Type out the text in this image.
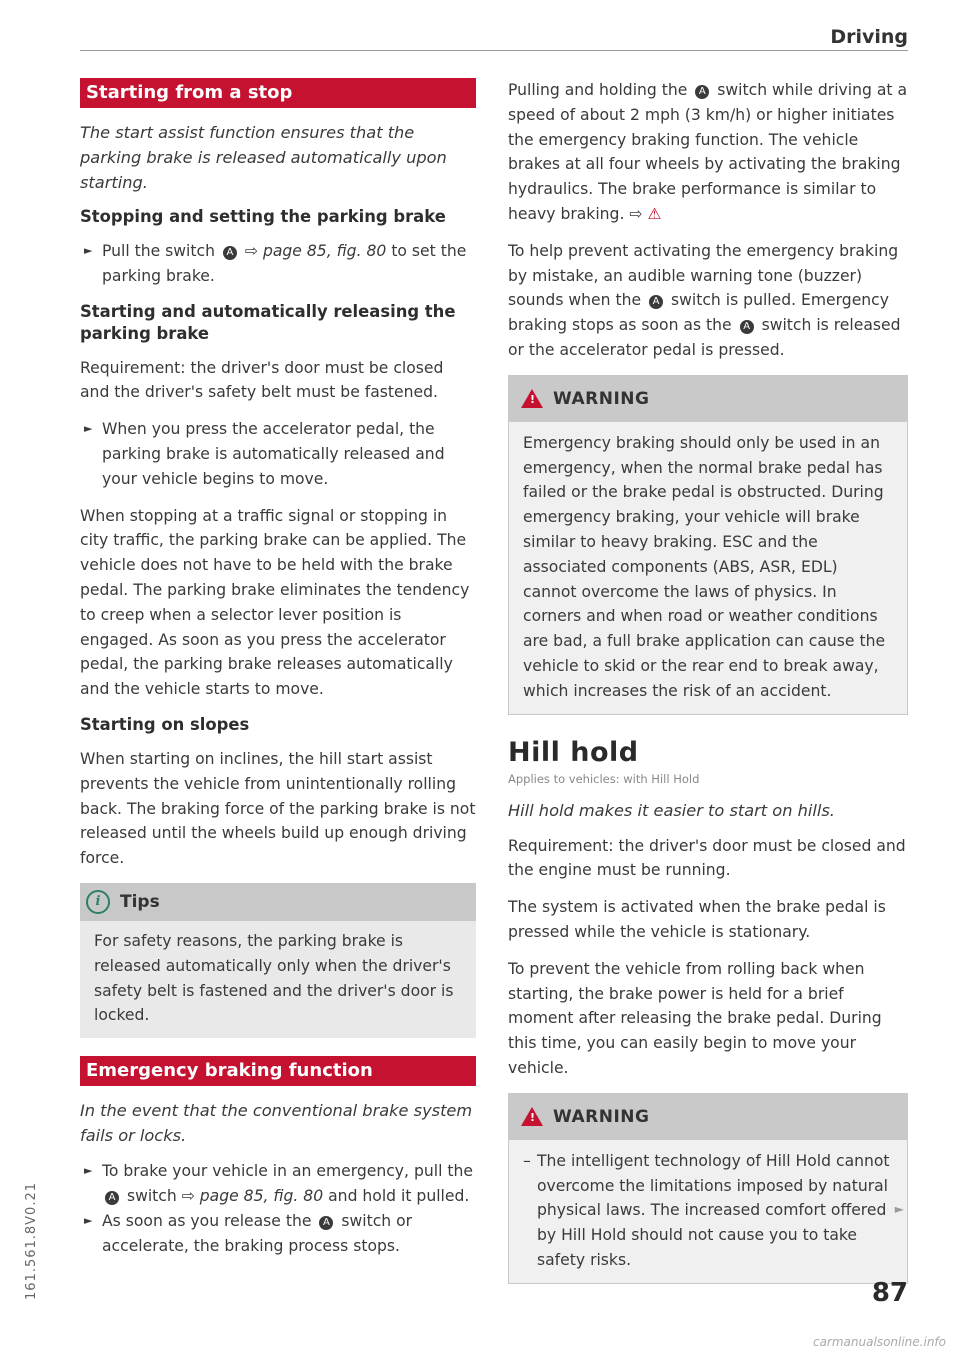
Driving
Starting from a stop
The start assist function ensures that the parking brake is released automatically upon starting.
Stopping and setting the parking brake
► Pull the switch A ⇨ page 85, fig. 80 to set the parking brake.
Starting and automatically releasing the parking brake

Requirement: the driver's door must be closed and the driver's safety belt must be fastened.

► When you press the accelerator pedal, the parking brake is automatically released and your vehicle begins to move.

When stopping at a traffic signal or stopping in city traffic, the parking brake can be applied. The vehicle does not have to be held with the brake pedal. The parking brake eliminates the tendency to creep when a selector lever position is engaged. As soon as you press the accelerator pedal, the parking brake releases automatically and the vehicle starts to move.

Starting on slopes

When starting on inclines, the hill start assist prevents the vehicle from unintentionally rolling back. The braking force of the parking brake is not released until the wheels build up enough driving force.

i	Tips
For safety reasons, the parking brake is released automatically only when the driver's safety belt is fastened and the driver's door is locked.
Emergency braking function
In the event that the conventional brake system fails or locks.
► To brake your vehicle in an emergency, pull the A switch ⇨ page 85, fig. 80 and hold it pulled.
► As soon as you release the A switch or accelerate, the braking process stops.

Pulling and holding the A switch while driving at a speed of about 2 mph (3 km/h) or higher initiates the emergency braking function. The vehicle brakes at all four wheels by activating the braking hydraulics. The brake performance is similar to heavy braking. ⇨ ⚠

To help prevent activating the emergency braking by mistake, an audible warning tone (buzzer) sounds when the A switch is pulled. Emergency braking stops as soon as the A switch is released or the accelerator pedal is pressed.

! WARNING
Emergency braking should only be used in an emergency, when the normal brake pedal has failed or the brake pedal is obstructed. During emergency braking, your vehicle will brake similar to heavy braking. ESC and the associated components (ABS, ASR, EDL) cannot overcome the laws of physics. In corners and when road or weather conditions are bad, a full brake application can cause the vehicle to skid or the rear end to break away, which increases the risk of an accident.
Hill hold
Applies to vehicles: with Hill Hold
Hill hold makes it easier to start on hills.

Requirement: the driver's door must be closed and the engine must be running.

The system is activated when the brake pedal is pressed while the vehicle is stationary.

To prevent the vehicle from rolling back when starting, the brake power is held for a brief moment after releasing the brake pedal. During this time, you can easily begin to move your vehicle.

! WARNING
– The intelligent technology of Hill Hold cannot overcome the limitations imposed by natural physical laws. The increased comfort offered by Hill Hold should not cause you to take safety risks.
►
87
161.561.8V0.21
carmanualsonline.info
